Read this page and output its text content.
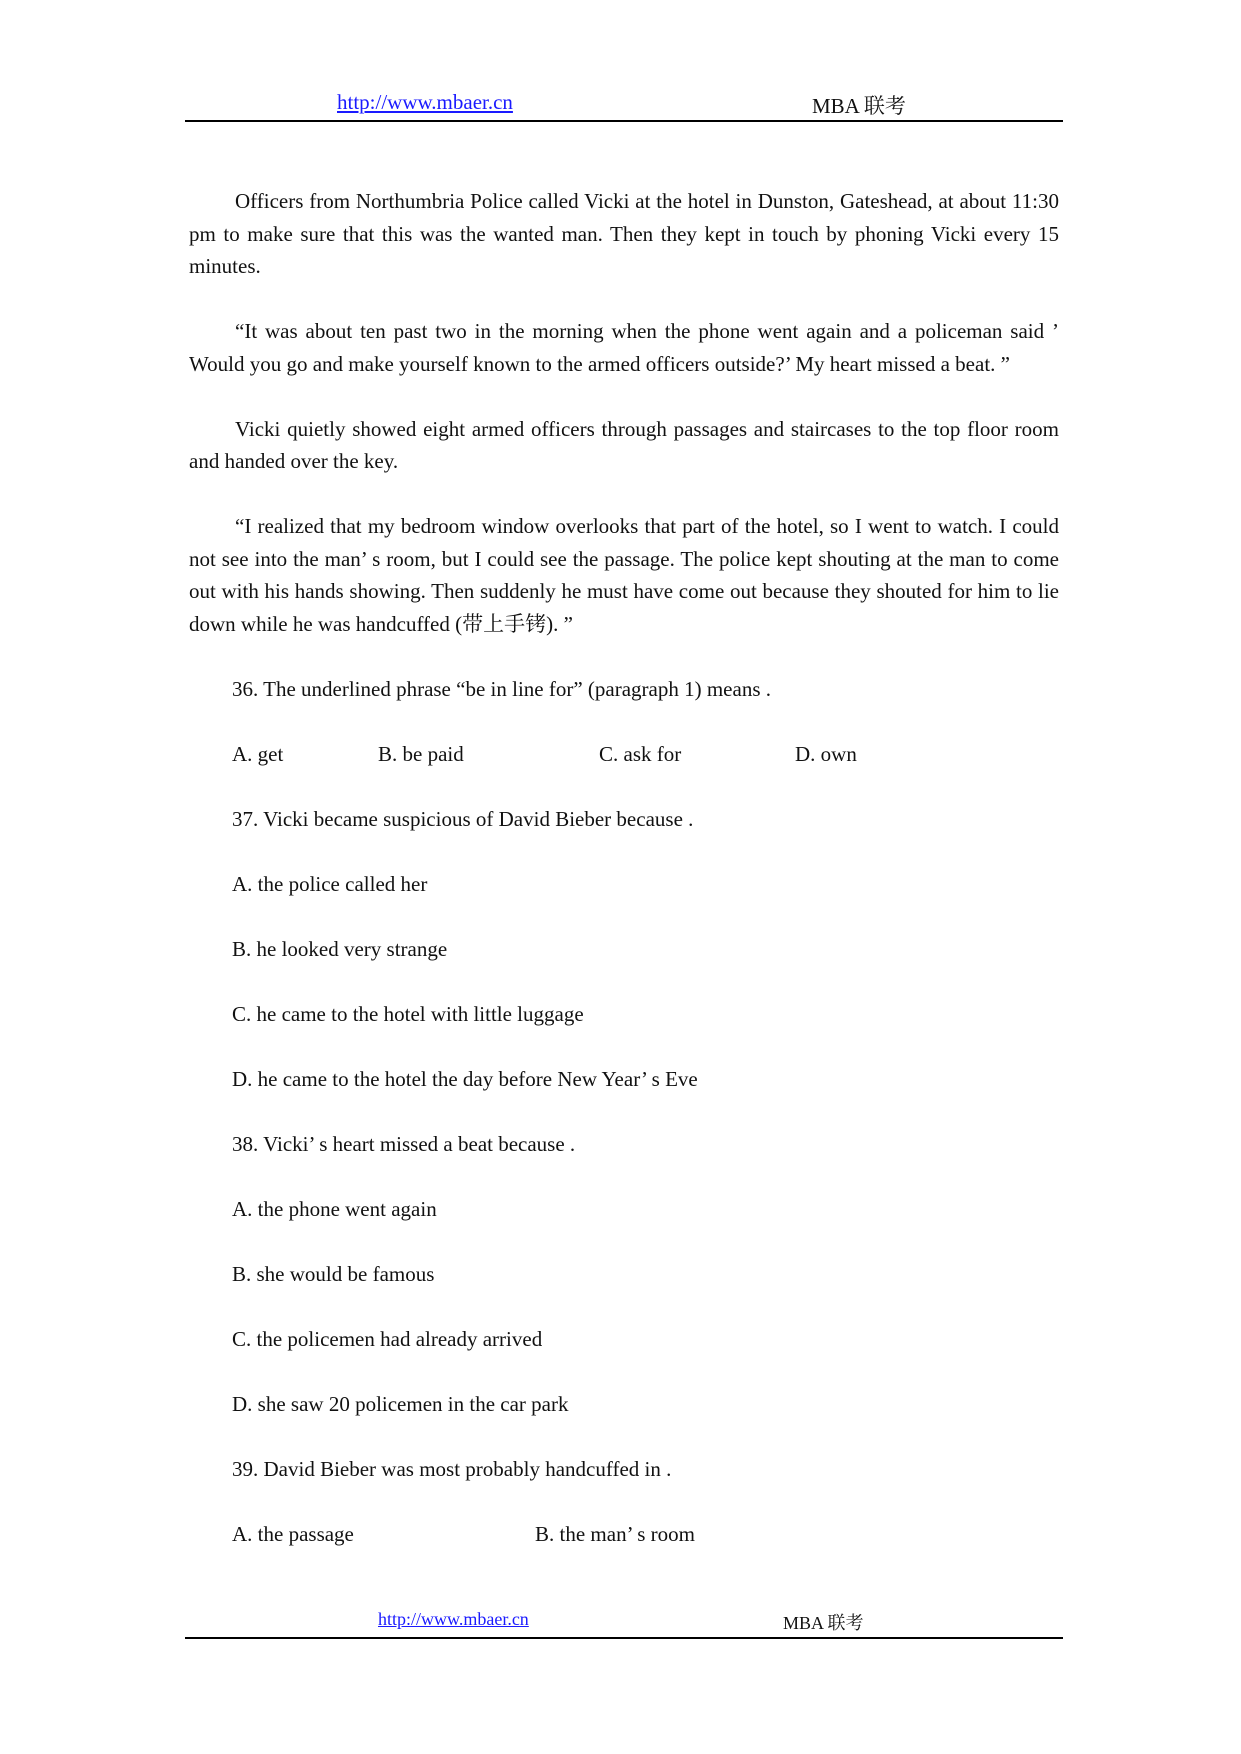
http://www.mbaer.cn	MBA 联考

Officers from Northumbria Police called Vicki at the hotel in Dunston, Gateshead, at about 11:30 pm to make sure that this was the wanted man. Then they kept in touch by phoning Vicki every 15 minutes.

“It was about ten past two in the morning when the phone went again and a policeman said ’ Would you go and make yourself known to the armed officers outside?’ My heart missed a beat. ”

Vicki quietly showed eight armed officers through passages and staircases to the top floor room and handed over the key.

“I realized that my bedroom window overlooks that part of the hotel, so I went to watch. I could not see into the man’ s room, but I could see the passage. The police kept shouting at the man to come out with his hands showing. Then suddenly he must have come out because they shouted for him to lie down while he was handcuffed (带上手铐). ”

36. The underlined phrase “be in line for” (paragraph 1) means .
A. get	B. be paid	C. ask for	D. own
37. Vicki became suspicious of David Bieber because .
A. the police called her
B. he looked very strange
C. he came to the hotel with little luggage
D. he came to the hotel the day before New Year’ s Eve
38. Vicki’ s heart missed a beat because .
A. the phone went again
B. she would be famous
C. the policemen had already arrived
D. she saw 20 policemen in the car park
39. David Bieber was most probably handcuffed in .
A. the passage	B. the man’ s room
http://www.mbaer.cn	MBA 联考
